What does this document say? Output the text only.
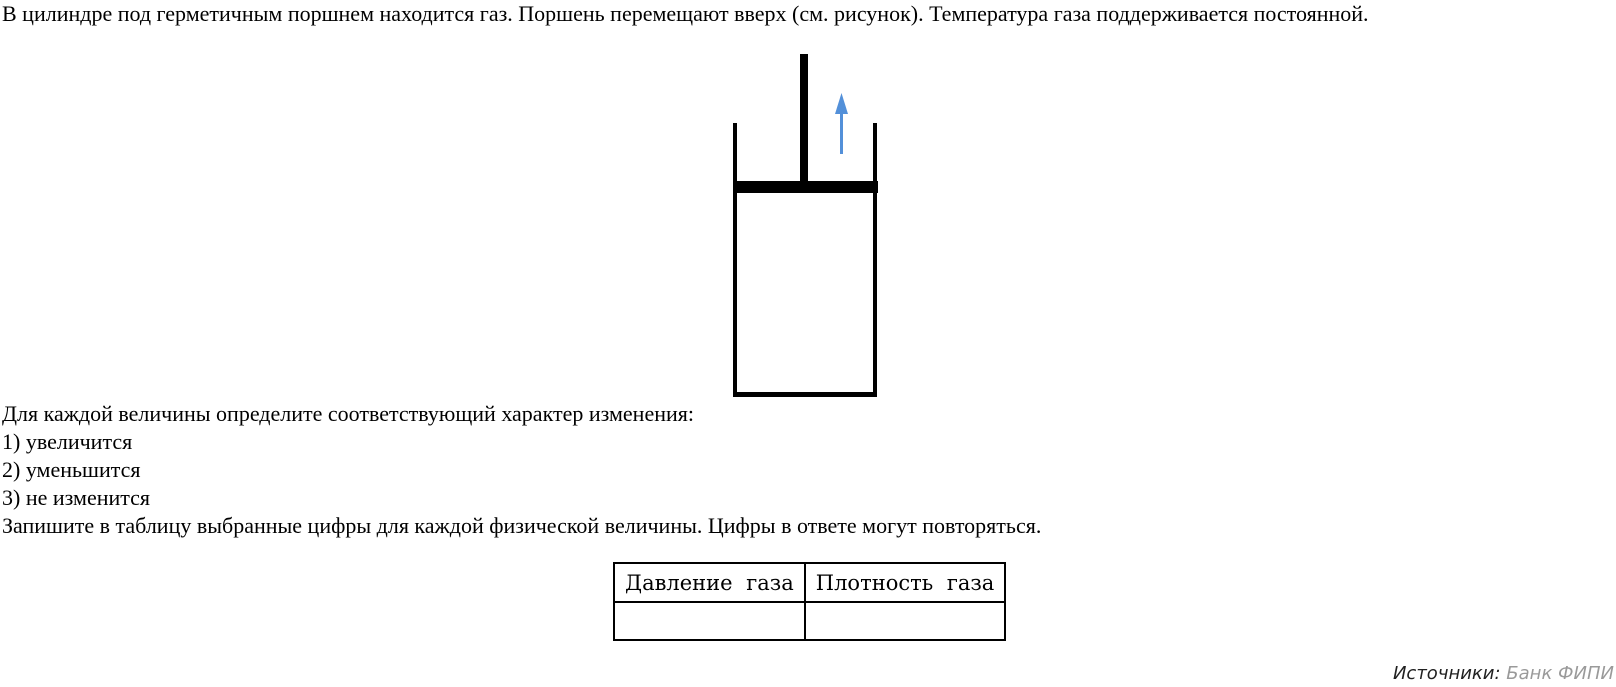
В цилиндре под герметичным поршнем находится газ. Поршень перемещают вверх (см. рисунок). Температура газа поддерживается постоянной.

Для каждой величины определите соответствующий характер изменения:

1) увеличится

2) уменьшится

3) не изменится

Запишите в таблицу выбранные цифры для каждой физической величины. Цифры в ответе могут повторяться.

Давление газа	Плотность газа

Источники: Банк ФИПИ
